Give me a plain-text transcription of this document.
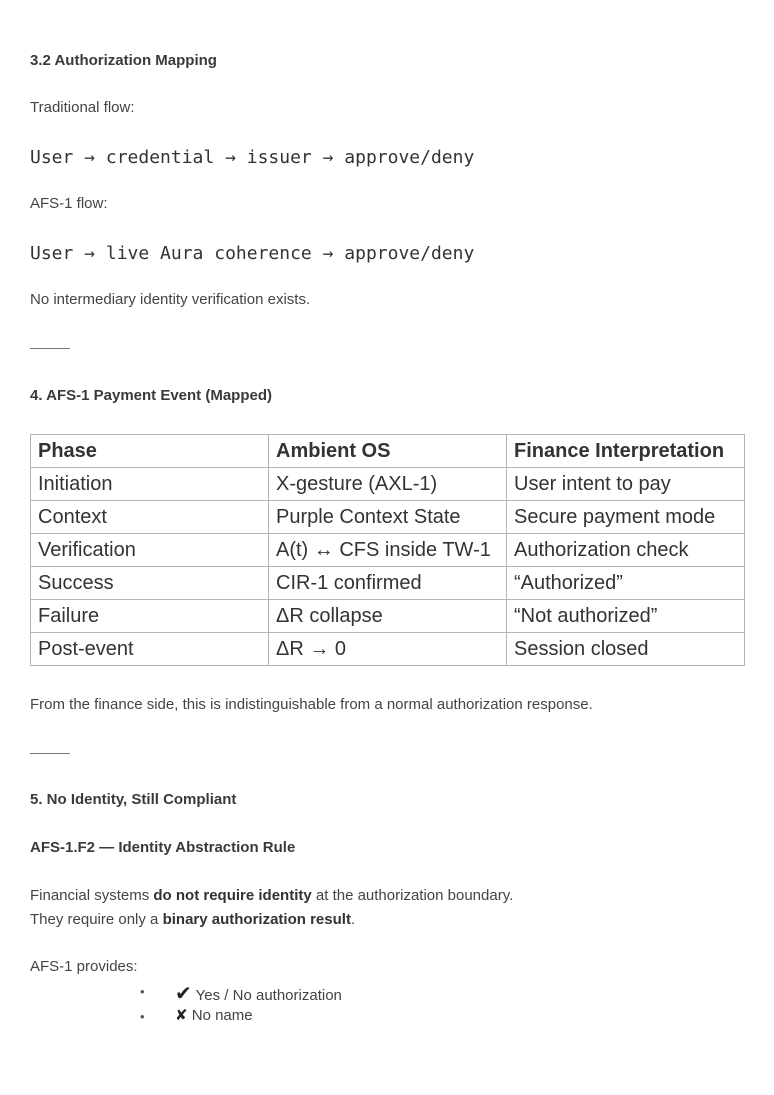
3.2 Authorization Mapping
Traditional flow:
User → credential → issuer → approve/deny
AFS-1 flow:
User → live Aura coherence → approve/deny
No intermediary identity verification exists.
4. AFS-1 Payment Event (Mapped)
Phase	Ambient OS	Finance Interpretation
Initiation	X-gesture (AXL-1)	User intent to pay
Context	Purple Context State	Secure payment mode
Verification	A(t) ↔ CFS inside TW-1	Authorization check
Success	CIR-1 confirmed	“Authorized”
Failure	ΔR collapse	“Not authorized”
Post-event	ΔR → 0	Session closed
From the finance side, this is indistinguishable from a normal authorization response.
5. No Identity, Still Compliant
AFS-1.F2 — Identity Abstraction Rule
Financial systems do not require identity at the authorization boundary.
They require only a binary authorization result.
AFS-1 provides:
• ✔ Yes / No authorization
• ✘ No name
